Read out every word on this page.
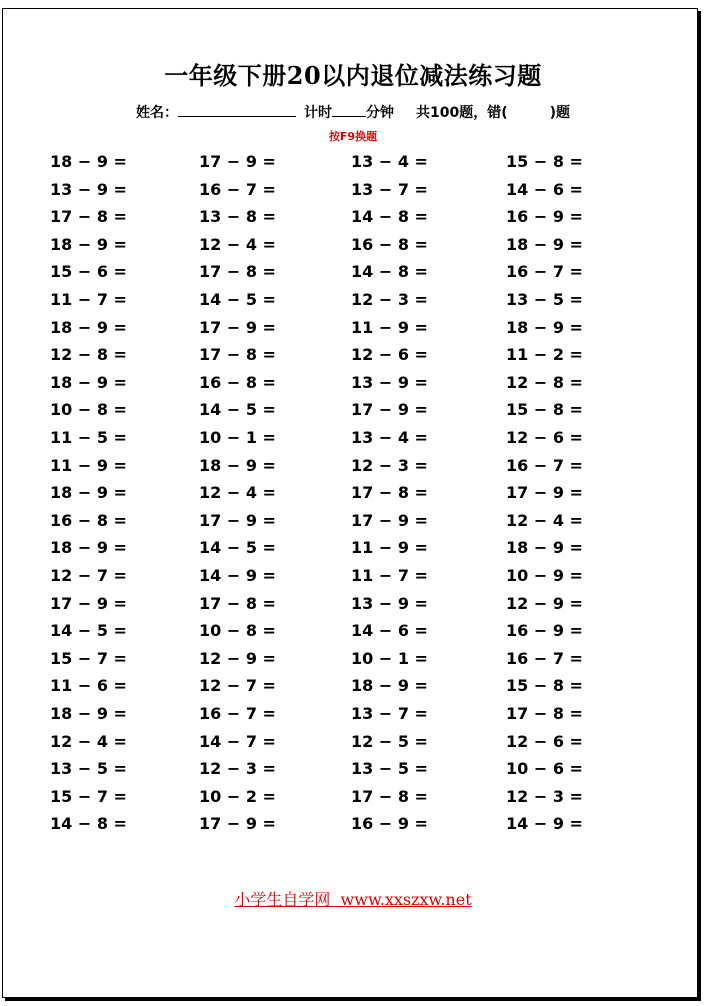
一年级下册20以内退位减法练习题
姓名：	计时 分钟 共100题，错(	)题
按F9换题
18 − 9 =
13 − 9 =
17 − 8 =
18 − 9 =
15 − 6 =
11 − 7 =
18 − 9 =
12 − 8 =
18 − 9 =
10 − 8 =
11 − 5 =
11 − 9 =
18 − 9 =
16 − 8 =
18 − 9 =
12 − 7 =
17 − 9 =
14 − 5 =
15 − 7 =
11 − 6 =
18 − 9 =
12 − 4 =
13 − 5 =
15 − 7 =
14 − 8 =
17 − 9 =
16 − 7 =
13 − 8 =
12 − 4 =
17 − 8 =
14 − 5 =
17 − 9 =
17 − 8 =
16 − 8 =
14 − 5 =
10 − 1 =
18 − 9 =
12 − 4 =
17 − 9 =
14 − 5 =
14 − 9 =
17 − 8 =
10 − 8 =
12 − 9 =
12 − 7 =
16 − 7 =
14 − 7 =
12 − 3 =
10 − 2 =
17 − 9 =
13 − 4 =
13 − 7 =
14 − 8 =
16 − 8 =
14 − 8 =
12 − 3 =
11 − 9 =
12 − 6 =
13 − 9 =
17 − 9 =
13 − 4 =
12 − 3 =
17 − 8 =
17 − 9 =
11 − 9 =
11 − 7 =
13 − 9 =
14 − 6 =
10 − 1 =
18 − 9 =
13 − 7 =
12 − 5 =
13 − 5 =
17 − 8 =
16 − 9 =
15 − 8 =
14 − 6 =
16 − 9 =
18 − 9 =
16 − 7 =
13 − 5 =
18 − 9 =
11 − 2 =
12 − 8 =
15 − 8 =
12 − 6 =
16 − 7 =
17 − 9 =
12 − 4 =
18 − 9 =
10 − 9 =
12 − 9 =
16 − 9 =
16 − 7 =
15 − 8 =
17 − 8 =
12 − 6 =
10 − 6 =
12 − 3 =
14 − 9 =
小学生自学网  www.xxszxw.net
